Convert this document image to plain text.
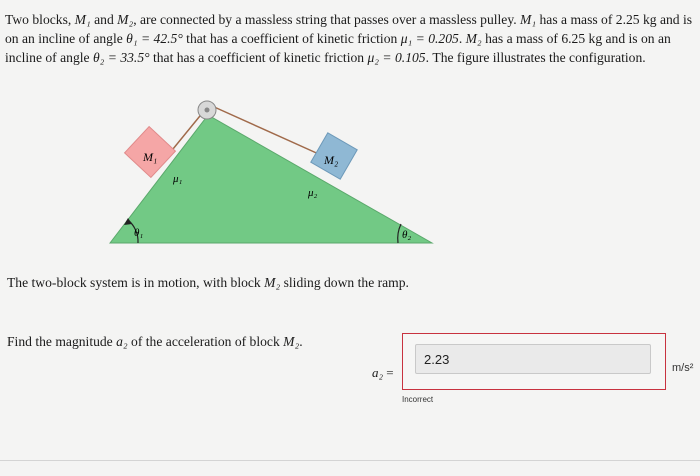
Two blocks, M₁ and M₂, are connected by a massless string that passes over a massless pulley. M₁ has a mass of 2.25 kg and is on an incline of angle θ₁ = 42.5° that has a coefficient of kinetic friction μ₁ = 0.205. M₂ has a mass of 6.25 kg and is on an incline of angle θ₂ = 33.5° that has a coefficient of kinetic friction μ₂ = 0.105. The figure illustrates the configuration.
M₁	M₂
μ₁
μ₂
θ₁	θ₂
The two-block system is in motion, with block M₂ sliding down the ramp.
Find the magnitude a₂ of the acceleration of block M₂.
a₂ =
2.23	m/s²
Incorrect
